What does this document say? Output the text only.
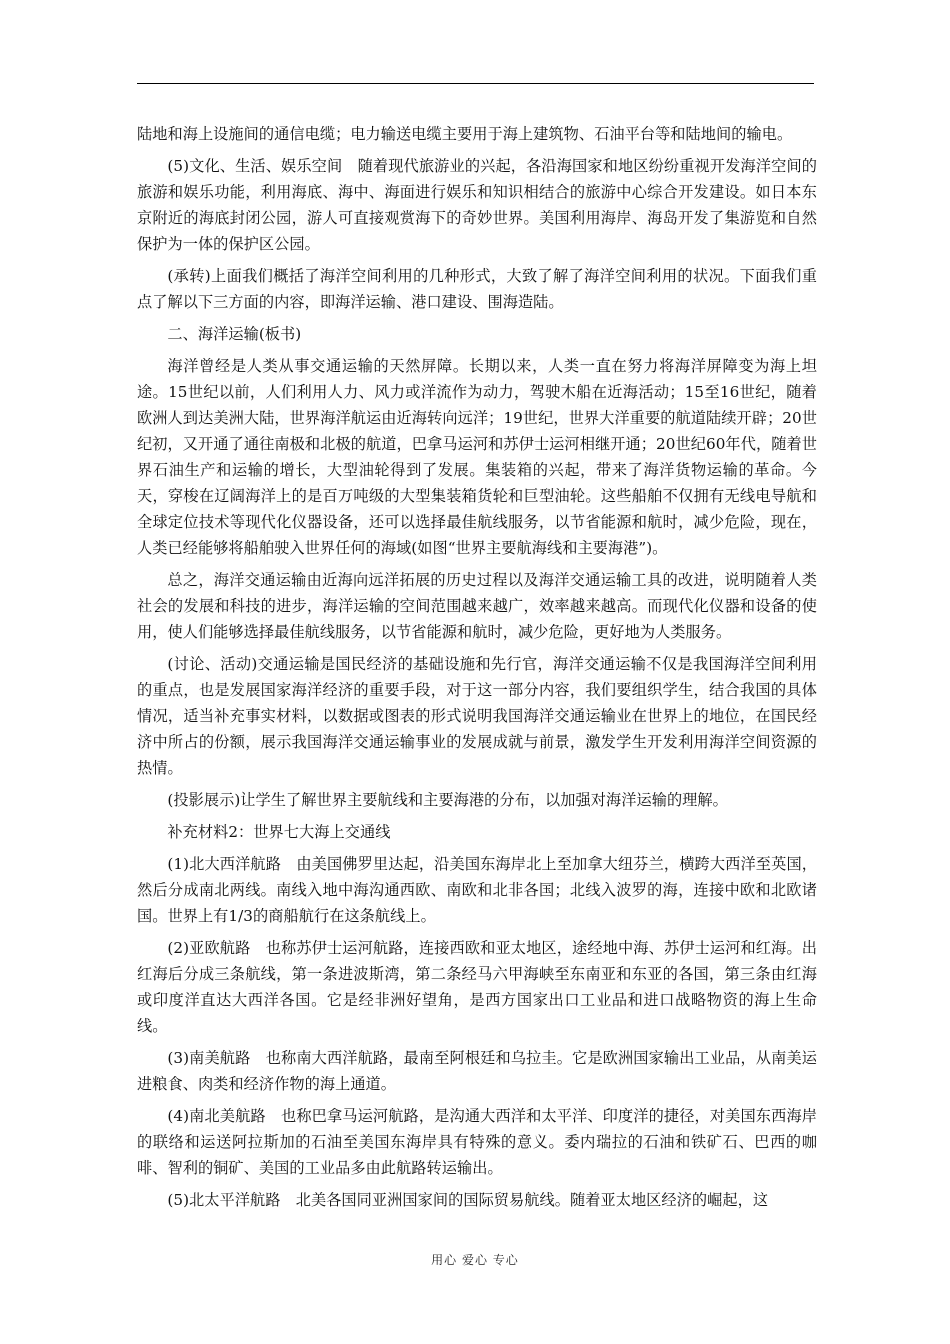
陆地和海上设施间的通信电缆；电力输送电缆主要用于海上建筑物、石油平台等和陆地间的输电。

(5)文化、生活、娱乐空间　随着现代旅游业的兴起，各沿海国家和地区纷纷重视开发海洋空间的旅游和娱乐功能，利用海底、海中、海面进行娱乐和知识相结合的旅游中心综合开发建设。如日本东京附近的海底封闭公园，游人可直接观赏海下的奇妙世界。美国利用海岸、海岛开发了集游览和自然保护为一体的保护区公园。

(承转)上面我们概括了海洋空间利用的几种形式，大致了解了海洋空间利用的状况。下面我们重点了解以下三方面的内容，即海洋运输、港口建设、围海造陆。

二、海洋运输(板书)

海洋曾经是人类从事交通运输的天然屏障。长期以来，人类一直在努力将海洋屏障变为海上坦途。15世纪以前，人们利用人力、风力或洋流作为动力，驾驶木船在近海活动；15至16世纪，随着欧洲人到达美洲大陆，世界海洋航运由近海转向远洋；19世纪，世界大洋重要的航道陆续开辟；20世纪初，又开通了通往南极和北极的航道，巴拿马运河和苏伊士运河相继开通；20世纪60年代，随着世界石油生产和运输的增长，大型油轮得到了发展。集装箱的兴起，带来了海洋货物运输的革命。今天，穿梭在辽阔海洋上的是百万吨级的大型集装箱货轮和巨型油轮。这些船舶不仅拥有无线电导航和全球定位技术等现代化仪器设备，还可以选择最佳航线服务，以节省能源和航时，减少危险，现在，人类已经能够将船舶驶入世界任何的海域(如图“世界主要航海线和主要海港”)。

总之，海洋交通运输由近海向远洋拓展的历史过程以及海洋交通运输工具的改进，说明随着人类社会的发展和科技的进步，海洋运输的空间范围越来越广，效率越来越高。而现代化仪器和设备的使用，使人们能够选择最佳航线服务，以节省能源和航时，减少危险，更好地为人类服务。

(讨论、活动)交通运输是国民经济的基础设施和先行官，海洋交通运输不仅是我国海洋空间利用的重点，也是发展国家海洋经济的重要手段，对于这一部分内容，我们要组织学生，结合我国的具体情况，适当补充事实材料，以数据或图表的形式说明我国海洋交通运输业在世界上的地位，在国民经济中所占的份额，展示我国海洋交通运输事业的发展成就与前景，激发学生开发利用海洋空间资源的热情。

(投影展示)让学生了解世界主要航线和主要海港的分布，以加强对海洋运输的理解。

补充材料2：世界七大海上交通线

(1)北大西洋航路　由美国佛罗里达起，沿美国东海岸北上至加拿大纽芬兰，横跨大西洋至英国，然后分成南北两线。南线入地中海沟通西欧、南欧和北非各国；北线入波罗的海，连接中欧和北欧诸国。世界上有1/3的商船航行在这条航线上。

(2)亚欧航路　也称苏伊士运河航路，连接西欧和亚太地区，途经地中海、苏伊士运河和红海。出红海后分成三条航线，第一条进波斯湾，第二条经马六甲海峡至东南亚和东亚的各国，第三条由红海或印度洋直达大西洋各国。它是经非洲好望角，是西方国家出口工业品和进口战略物资的海上生命线。

(3)南美航路　也称南大西洋航路，最南至阿根廷和乌拉圭。它是欧洲国家输出工业品，从南美运进粮食、肉类和经济作物的海上通道。

(4)南北美航路　也称巴拿马运河航路，是沟通大西洋和太平洋、印度洋的捷径，对美国东西海岸的联络和运送阿拉斯加的石油至美国东海岸具有特殊的意义。委内瑞拉的石油和铁矿石、巴西的咖啡、智利的铜矿、美国的工业品多由此航路转运输出。

(5)北太平洋航路　北美各国同亚洲国家间的国际贸易航线。随着亚太地区经济的崛起，这

用心 爱心 专心
